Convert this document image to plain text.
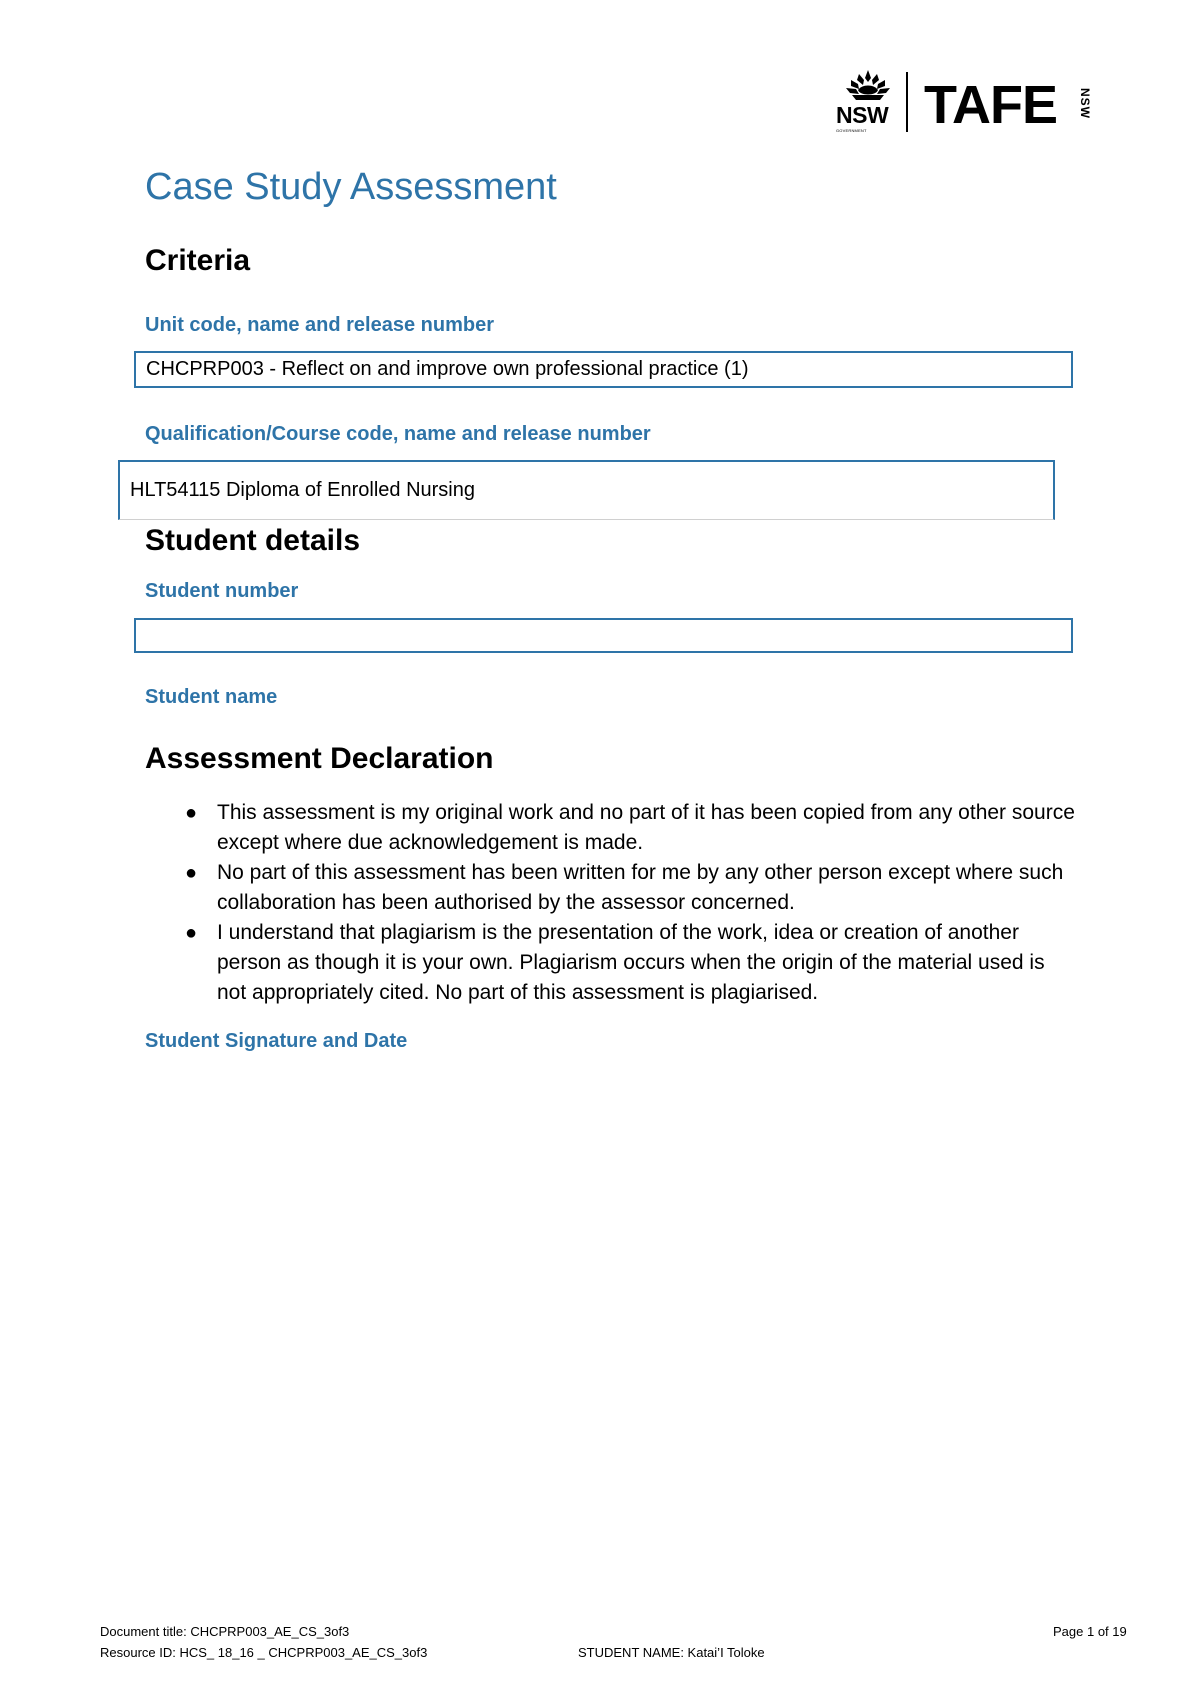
NSW
GOVERNMENT TAFE NSW
Case Study Assessment
Criteria
Unit code, name and release number
CHCPRP003 - Reflect on and improve own professional practice (1)
Qualification/Course code, name and release number
HLT54115 Diploma of Enrolled Nursing
Student details
Student number
Student name
Assessment Declaration
● This assessment is my original work and no part of it has been copied from any other source except where due acknowledgement is made.
● No part of this assessment has been written for me by any other person except where such collaboration has been authorised by the assessor concerned.
● I understand that plagiarism is the presentation of the work, idea or creation of another person as though it is your own. Plagiarism occurs when the origin of the material used is not appropriately cited. No part of this assessment is plagiarised.
Student Signature and Date
Document title: CHCPRP003_AE_CS_3of3
Resource ID: HCS_ 18_16 _ CHCPRP003_AE_CS_3of3	STUDENT NAME: Katai’I Toloke
Page 1 of 19
